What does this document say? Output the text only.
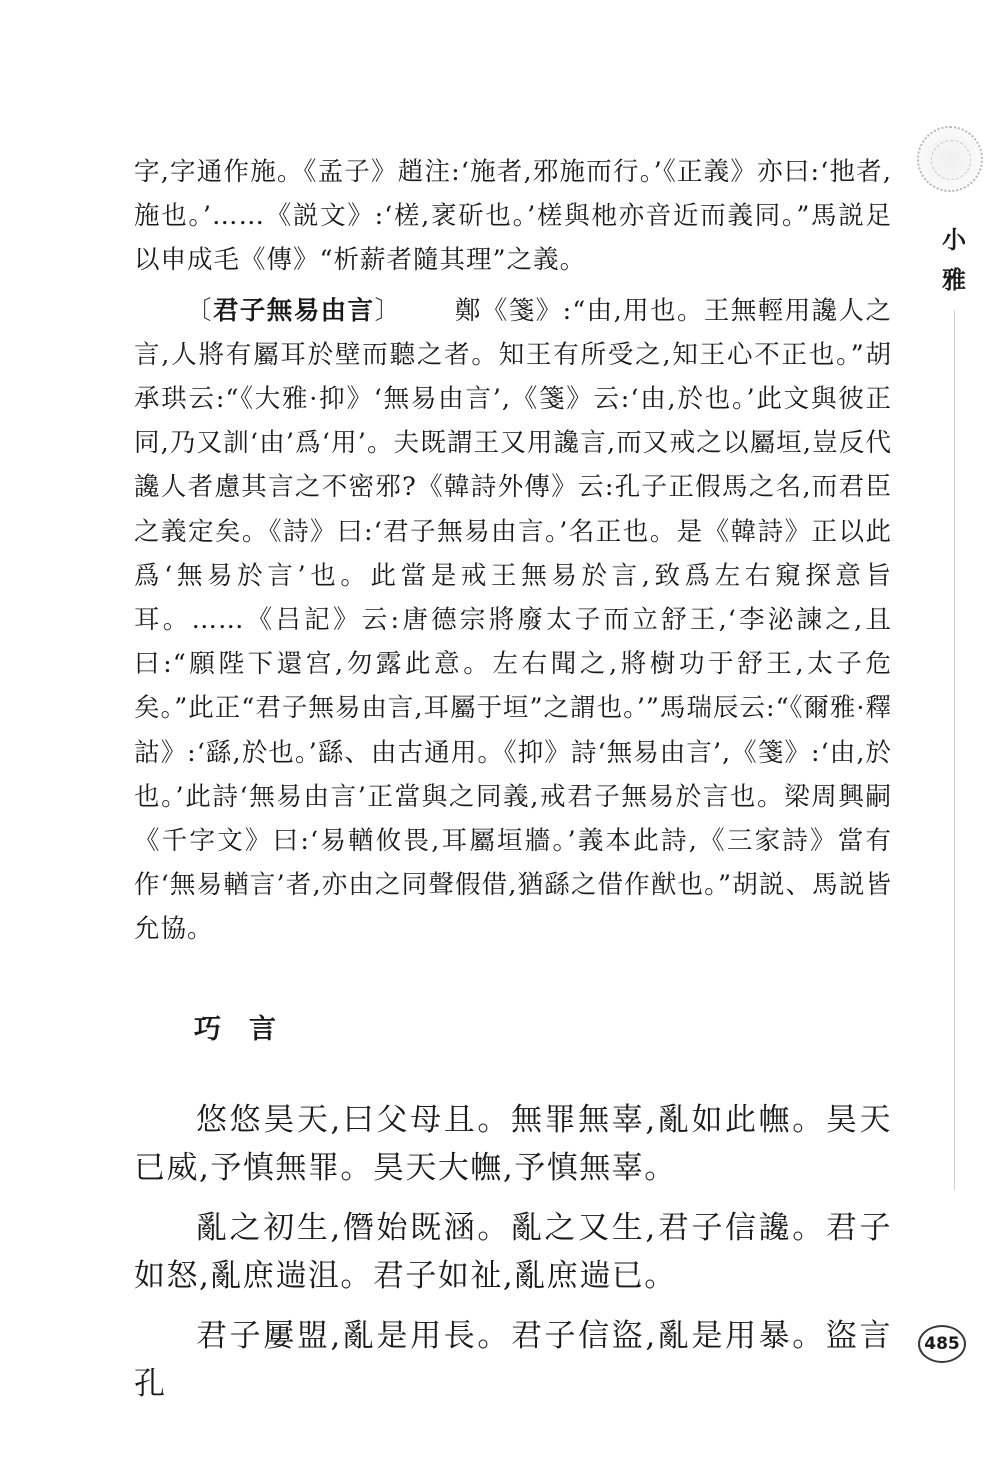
小雅
485

字,字通作施。《孟子》趙注:‘施者,邪施而行。’《正義》亦曰:‘扡者,施也。’……《説文》:‘槎,衺斫也。’槎與杝亦音近而義同。”馬説足以申成毛《傳》“析薪者隨其理”之義。

〔君子無易由言〕   鄭《箋》:“由,用也。王無輕用讒人之言,人將有屬耳於壁而聽之者。知王有所受之,知王心不正也。”胡承珙云:“《大雅·抑》‘無易由言’,《箋》云:‘由,於也。’此文與彼正同,乃又訓‘由’爲‘用’。夫既謂王又用讒言,而又戒之以屬垣,豈反代讒人者慮其言之不密邪?《韓詩外傳》云:孔子正假馬之名,而君臣之義定矣。《詩》曰:‘君子無易由言。’名正也。是《韓詩》正以此爲‘無易於言’也。此當是戒王無易於言,致爲左右窺探意旨耳。……《吕記》云:唐德宗將廢太子而立舒王,‘李泌諫之,且曰:“願陛下還宫,勿露此意。左右聞之,將樹功于舒王,太子危矣。”此正“君子無易由言,耳屬于垣”之謂也。’”馬瑞辰云:“《爾雅·釋詁》:‘繇,於也。’繇、由古通用。《抑》詩‘無易由言’,《箋》:‘由,於也。’此詩‘無易由言’正當與之同義,戒君子無易於言也。梁周興嗣《千字文》曰:‘易輶攸畏,耳屬垣牆。’義本此詩,《三家詩》當有作‘無易輶言’者,亦由之同聲假借,猶繇之借作猷也。”胡説、馬説皆允協。

巧言

悠悠昊天,曰父母且。無罪無辜,亂如此幠。昊天已威,予慎無罪。昊天大幠,予慎無辜。

亂之初生,僭始既涵。亂之又生,君子信讒。君子如怒,亂庶遄沮。君子如祉,亂庶遄已。

君子屢盟,亂是用長。君子信盜,亂是用暴。盜言孔
